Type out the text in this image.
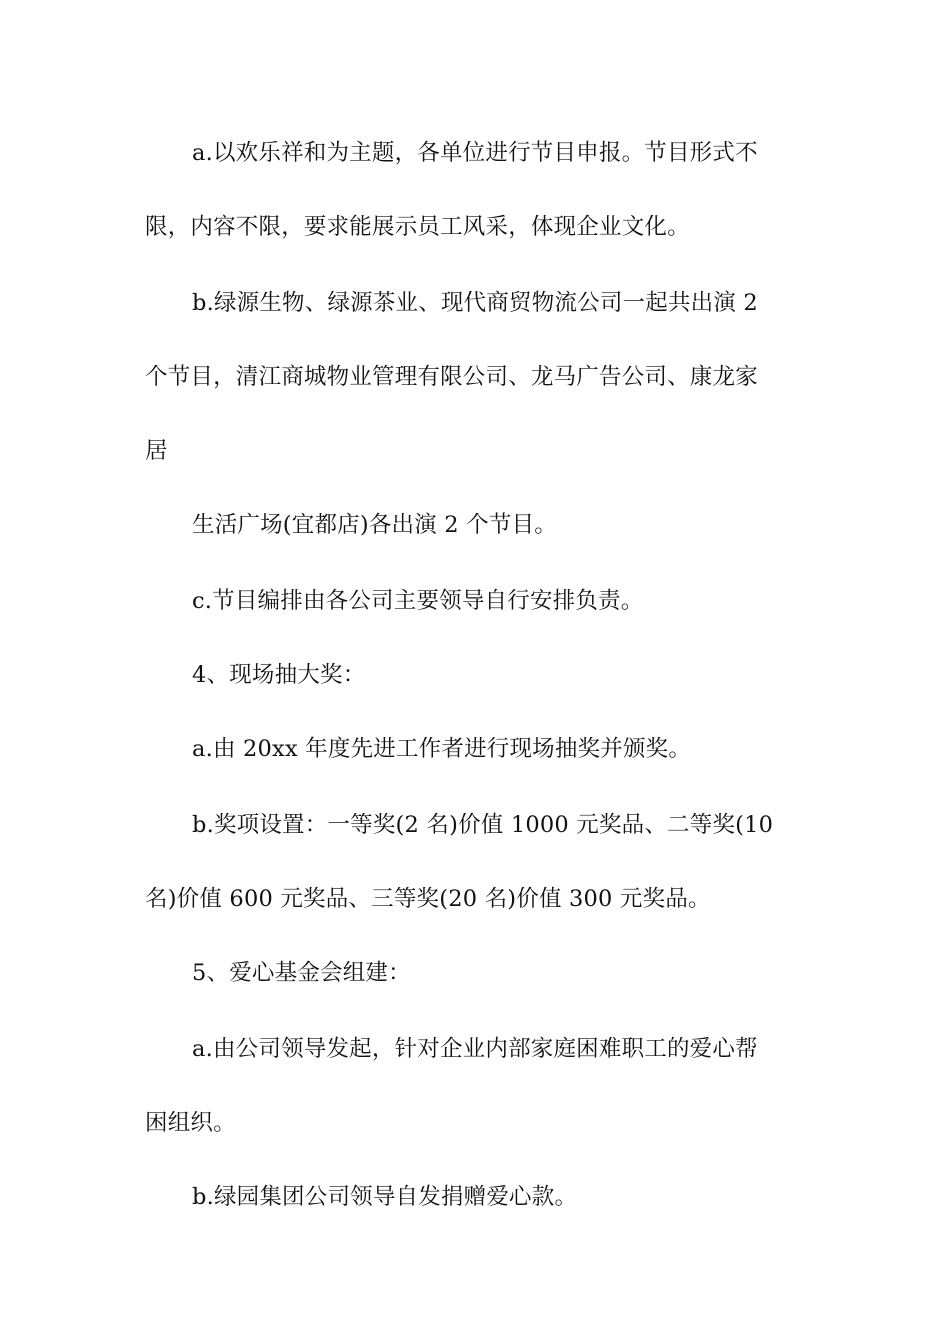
a.以欢乐祥和为主题，各单位进行节目申报。节目形式不

限，内容不限，要求能展示员工风采，体现企业文化。

b.绿源生物、绿源茶业、现代商贸物流公司一起共出演 2

个节目，清江商城物业管理有限公司、龙马广告公司、康龙家

居

生活广场(宜都店)各出演 2 个节目。

c.节目编排由各公司主要领导自行安排负责。

4、现场抽大奖：

a.由 20xx 年度先进工作者进行现场抽奖并颁奖。

b.奖项设置：一等奖(2 名)价值 1000 元奖品、二等奖(10

名)价值 600 元奖品、三等奖(20 名)价值 300 元奖品。

5、爱心基金会组建：

a.由公司领导发起，针对企业内部家庭困难职工的爱心帮

困组织。

b.绿园集团公司领导自发捐赠爱心款。
